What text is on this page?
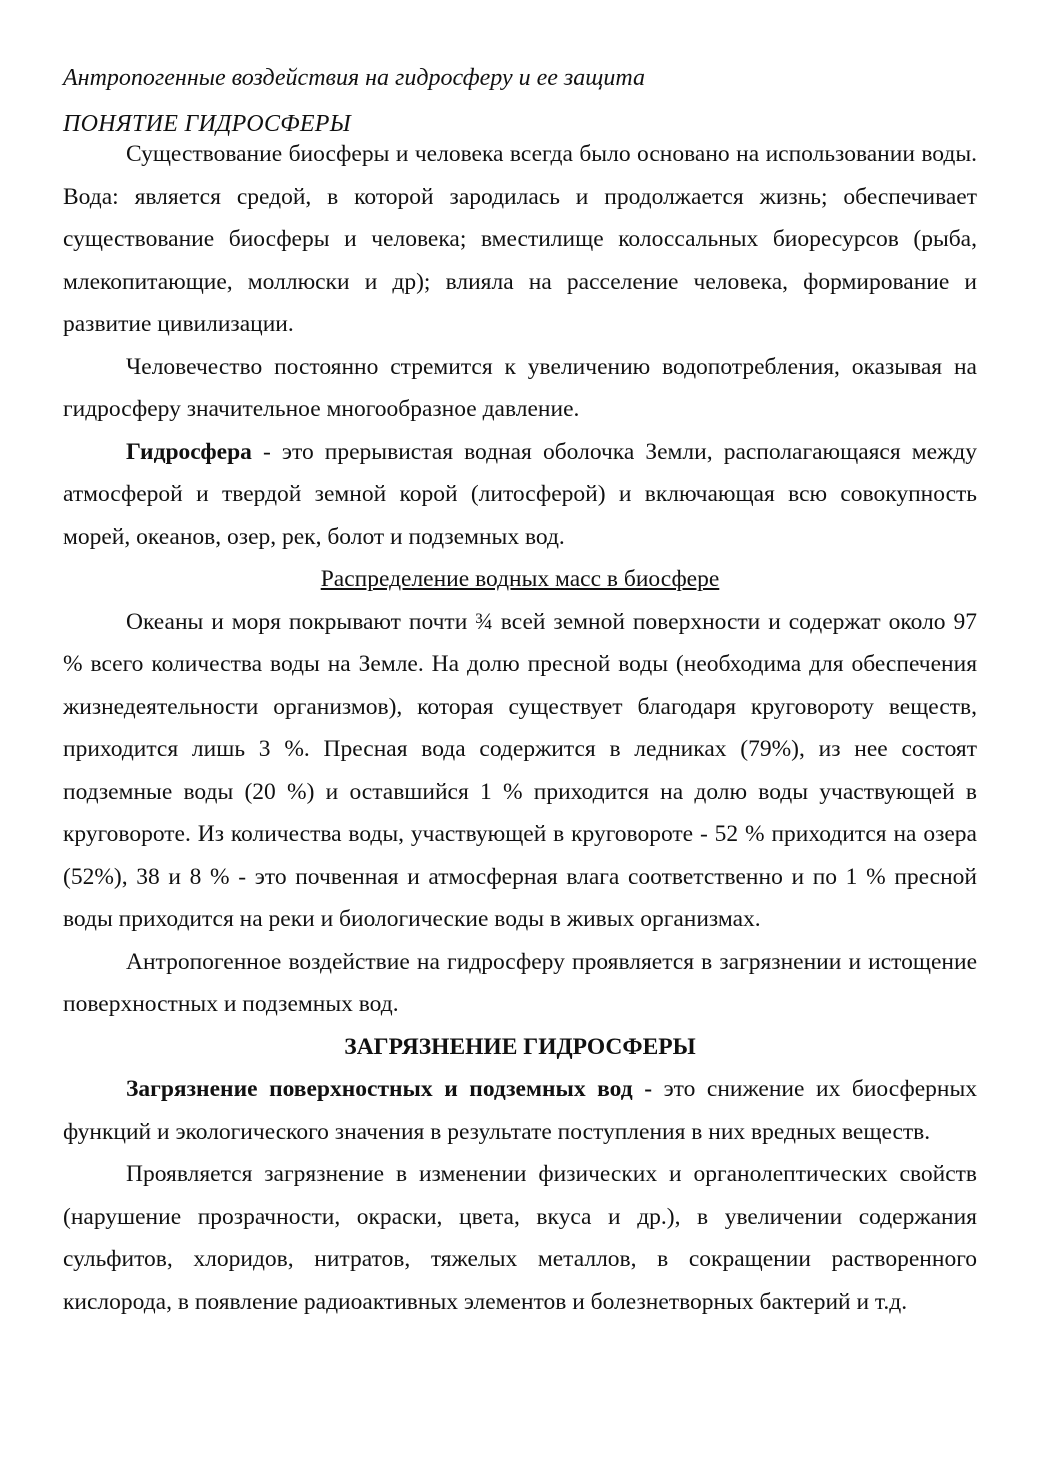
Антропогенные воздействия на гидросферу и ее защита
ПОНЯТИЕ ГИДРОСФЕРЫ

Существование биосферы и человека всегда было основано на использовании воды. Вода: является средой, в которой зародилась и продолжается жизнь; обеспечивает существование биосферы и человека; вместилище колоссальных биоресурсов (рыба, млекопитающие, моллюски и др); влияла на расселение человека, формирование и развитие цивилизации.

Человечество постоянно стремится к увеличению водопотребления, оказывая на гидросферу значительное многообразное давление.

Гидросфера - это прерывистая водная оболочка Земли, располагающаяся между атмосферой и твердой земной корой (литосферой) и включающая всю совокупность морей, океанов, озер, рек, болот и подземных вод.

Распределение водных масс в биосфере

Океаны и моря покрывают почти ¾ всей земной поверхности и содержат около 97 % всего количества воды на Земле. На долю пресной воды (необходима для обеспечения жизнедеятельности организмов), которая существует благодаря круговороту веществ, приходится лишь 3 %. Пресная вода содержится в ледниках (79%), из нее состоят подземные воды (20 %) и оставшийся 1 % приходится на долю воды участвующей в круговороте. Из количества воды, участвующей в круговороте - 52 % приходится на озера (52%), 38 и 8 % - это почвенная и атмосферная влага соответственно и по 1 % пресной воды приходится на реки и биологические воды в живых организмах.

Антропогенное воздействие на гидросферу проявляется в загрязнении и истощение поверхностных и подземных вод.

ЗАГРЯЗНЕНИЕ ГИДРОСФЕРЫ

Загрязнение поверхностных и подземных вод - это снижение их биосферных функций и экологического значения в результате поступления в них вредных веществ.

Проявляется загрязнение в изменении физических и органолептических свойств (нарушение прозрачности, окраски, цвета, вкуса и др.), в увеличении содержания сульфитов, хлоридов, нитратов, тяжелых металлов, в сокращении растворенного кислорода, в появление радиоактивных элементов и болезнетворных бактерий и т.д.
